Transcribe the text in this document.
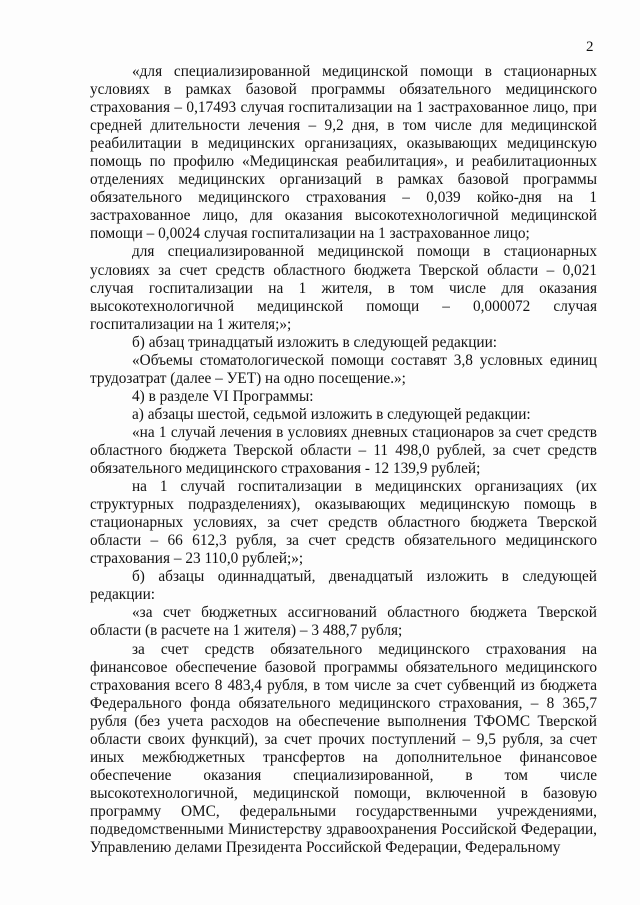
2

«для специализированной медицинской помощи в стационарных условиях в рамках базовой программы обязательного медицинского страхования – 0,17493 случая госпитализации на 1 застрахованное лицо, при средней длительности лечения – 9,2 дня, в том числе для медицинской реабилитации в медицинских организациях, оказывающих медицинскую помощь по профилю «Медицинская реабилитация», и реабилитационных отделениях медицинских организаций в рамках базовой программы обязательного медицинского страхования – 0,039 койко-дня на 1 застрахованное лицо, для оказания высокотехнологичной медицинской помощи – 0,0024 случая госпитализации на 1 застрахованное лицо;

для специализированной медицинской помощи в стационарных условиях за счет средств областного бюджета Тверской области – 0,021 случая госпитализации на 1 жителя, в том числе для оказания высокотехнологичной медицинской помощи – 0,000072 случая госпитализации на 1 жителя;»;

б) абзац тринадцатый изложить в следующей редакции:

«Объемы стоматологической помощи составят 3,8 условных единиц трудозатрат (далее – УЕТ) на одно посещение.»;

4) в разделе VI Программы:

а) абзацы шестой, седьмой изложить в следующей редакции:

«на 1 случай лечения в условиях дневных стационаров за счет средств областного бюджета Тверской области – 11 498,0 рублей, за счет средств обязательного медицинского страхования - 12 139,9 рублей;

на 1 случай госпитализации в медицинских организациях (их структурных подразделениях), оказывающих медицинскую помощь в стационарных условиях, за счет средств областного бюджета Тверской области – 66 612,3 рубля, за счет средств обязательного медицинского страхования – 23 110,0 рублей;»;

б) абзацы одиннадцатый, двенадцатый изложить в следующей редакции:

«за счет бюджетных ассигнований областного бюджета Тверской области (в расчете на 1 жителя) – 3 488,7 рубля;

за счет средств обязательного медицинского страхования на финансовое обеспечение базовой программы обязательного медицинского страхования всего 8 483,4 рубля, в том числе за счет субвенций из бюджета Федерального фонда обязательного медицинского страхования, – 8 365,7 рубля (без учета расходов на обеспечение выполнения ТФОМС Тверской области своих функций), за счет прочих поступлений – 9,5 рубля, за счет иных межбюджетных трансфертов на дополнительное финансовое обеспечение оказания специализированной, в том числе высокотехнологичной, медицинской помощи, включенной в базовую программу ОМС, федеральными государственными учреждениями, подведомственными Министерству здравоохранения Российской Федерации, Управлению делами Президента Российской Федерации, Федеральному
